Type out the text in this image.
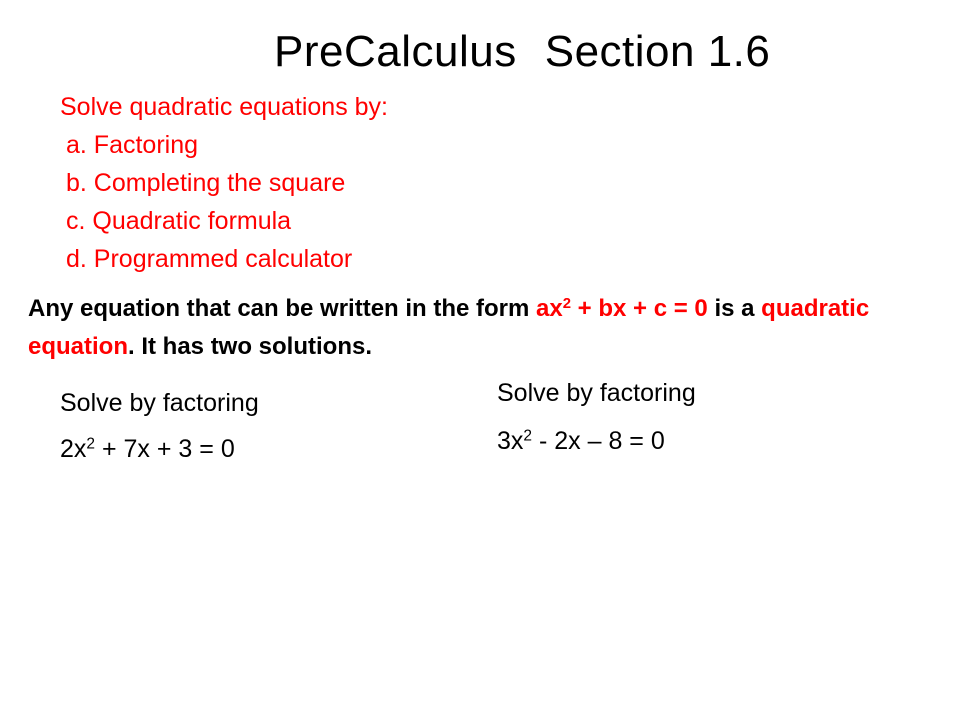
PreCalculus Section 1.6
Solve quadratic equations by:
a. Factoring
b. Completing the square
c. Quadratic formula
d. Programmed calculator
Any equation that can be written in the form $ax^2$ + bx + c = 0 is a quadratic equation. It has two solutions.
Solve by factoring
$2x^2 + 7x + 3 = 0$
Solve by factoring
$3x^2 - 2x - 8 = 0$
